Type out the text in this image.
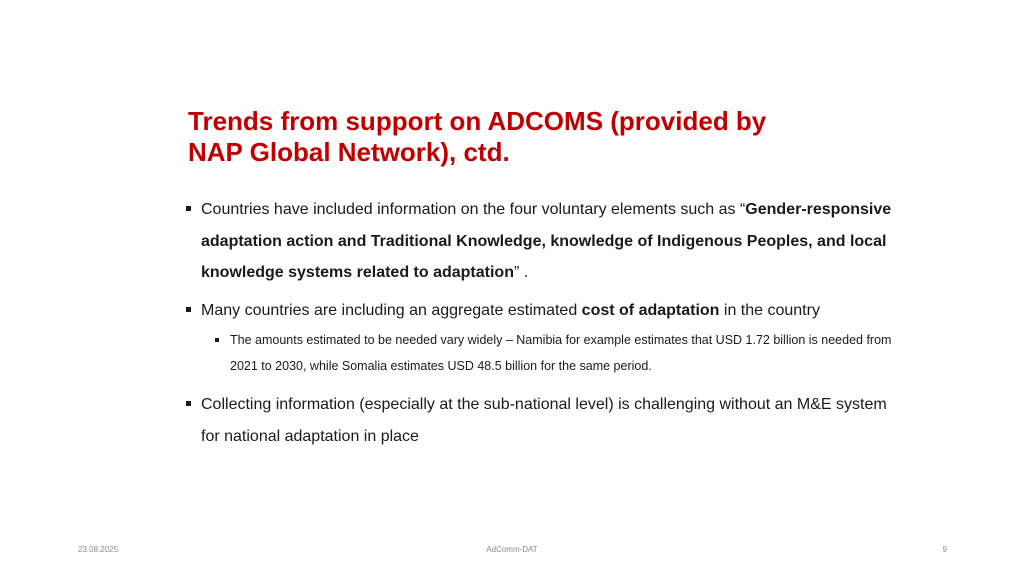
Trends from support on ADCOMS (provided by
NAP Global Network), ctd.
Countries have included information on the four voluntary elements such as “Gender-responsive adaptation action and Traditional Knowledge, knowledge of Indigenous Peoples, and local knowledge systems related to adaptation” .
Many countries are including an aggregate estimated cost of adaptation in the country
The amounts estimated to be needed vary widely – Namibia for example estimates that USD 1.72 billion is needed from 2021 to 2030, while Somalia estimates USD 48.5 billion for the same period.
Collecting information (especially at the sub-national level) is challenging without an M&E system for national adaptation in place
AdComm-DAT
23.08.2025	9
